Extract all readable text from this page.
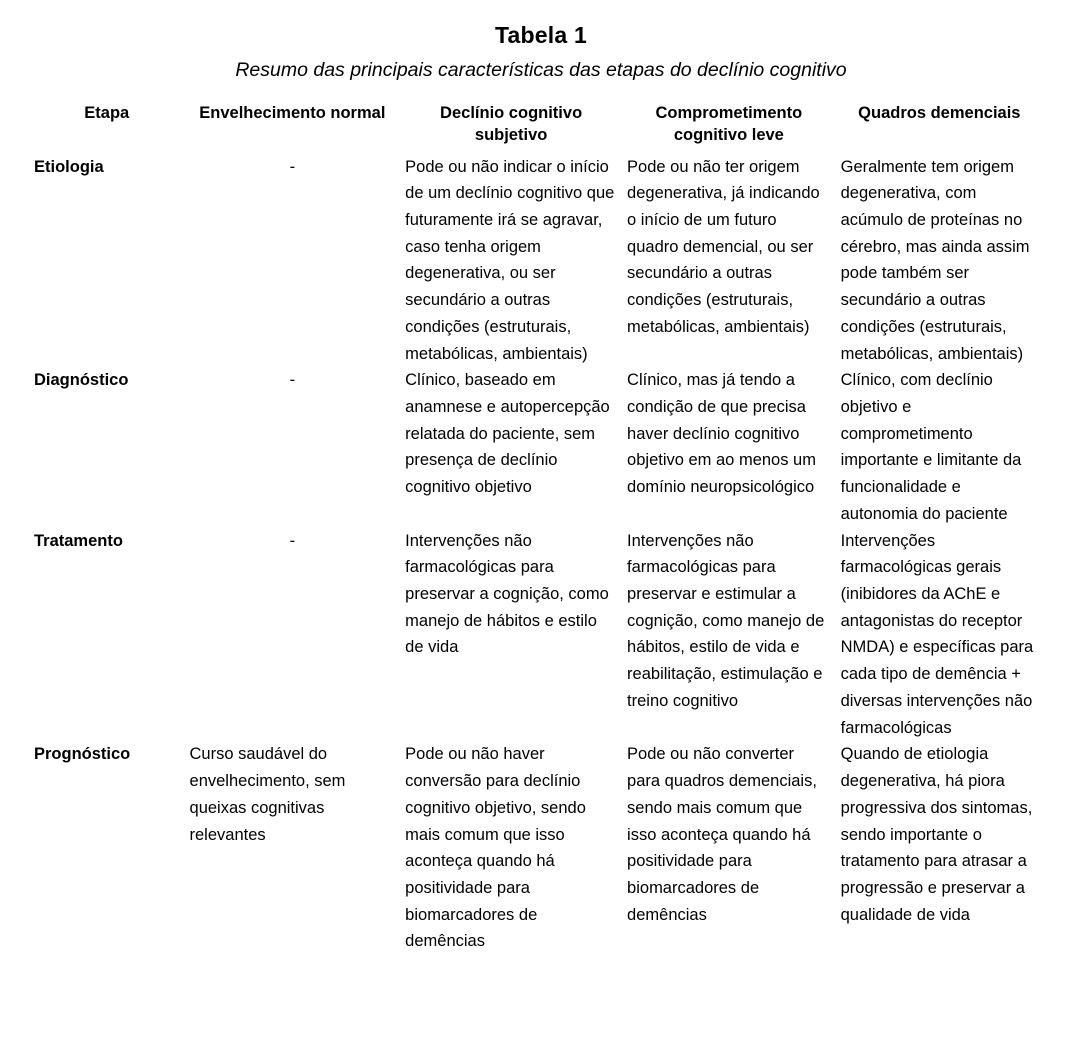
Tabela 1
Resumo das principais características das etapas do declínio cognitivo
Etapa	Envelhecimento normal	Declínio cognitivo subjetivo	Comprometimento cognitivo leve	Quadros demenciais
Etiologia	-	Pode ou não indicar o início de um declínio cognitivo que futuramente irá se agravar, caso tenha origem degenerativa, ou ser secundário a outras condições (estruturais, metabólicas, ambientais)	Pode ou não ter origem degenerativa, já indicando o início de um futuro quadro demencial, ou ser secundário a outras condições (estruturais, metabólicas, ambientais)	Geralmente tem origem degenerativa, com acúmulo de proteínas no cérebro, mas ainda assim pode também ser secundário a outras condições (estruturais, metabólicas, ambientais)
Diagnóstico	-	Clínico, baseado em anamnese e autopercepção relatada do paciente, sem presença de declínio cognitivo objetivo	Clínico, mas já tendo a condição de que precisa haver declínio cognitivo objetivo em ao menos um domínio neuropsicológico	Clínico, com declínio objetivo e comprometimento importante e limitante da funcionalidade e autonomia do paciente
Tratamento	-	Intervenções não farmacológicas para preservar a cognição, como manejo de hábitos e estilo de vida	Intervenções não farmacológicas para preservar e estimular a cognição, como manejo de hábitos, estilo de vida e reabilitação, estimulação e treino cognitivo	Intervenções farmacológicas gerais (inibidores da AChE e antagonistas do receptor NMDA) e específicas para cada tipo de demência + diversas intervenções não farmacológicas
Prognóstico	Curso saudável do envelhecimento, sem queixas cognitivas relevantes	Pode ou não haver conversão para declínio cognitivo objetivo, sendo mais comum que isso aconteça quando há positividade para biomarcadores de demências	Pode ou não converter para quadros demenciais, sendo mais comum que isso aconteça quando há positividade para biomarcadores de demências	Quando de etiologia degenerativa, há piora progressiva dos sintomas, sendo importante o tratamento para atrasar a progressão e preservar a qualidade de vida
